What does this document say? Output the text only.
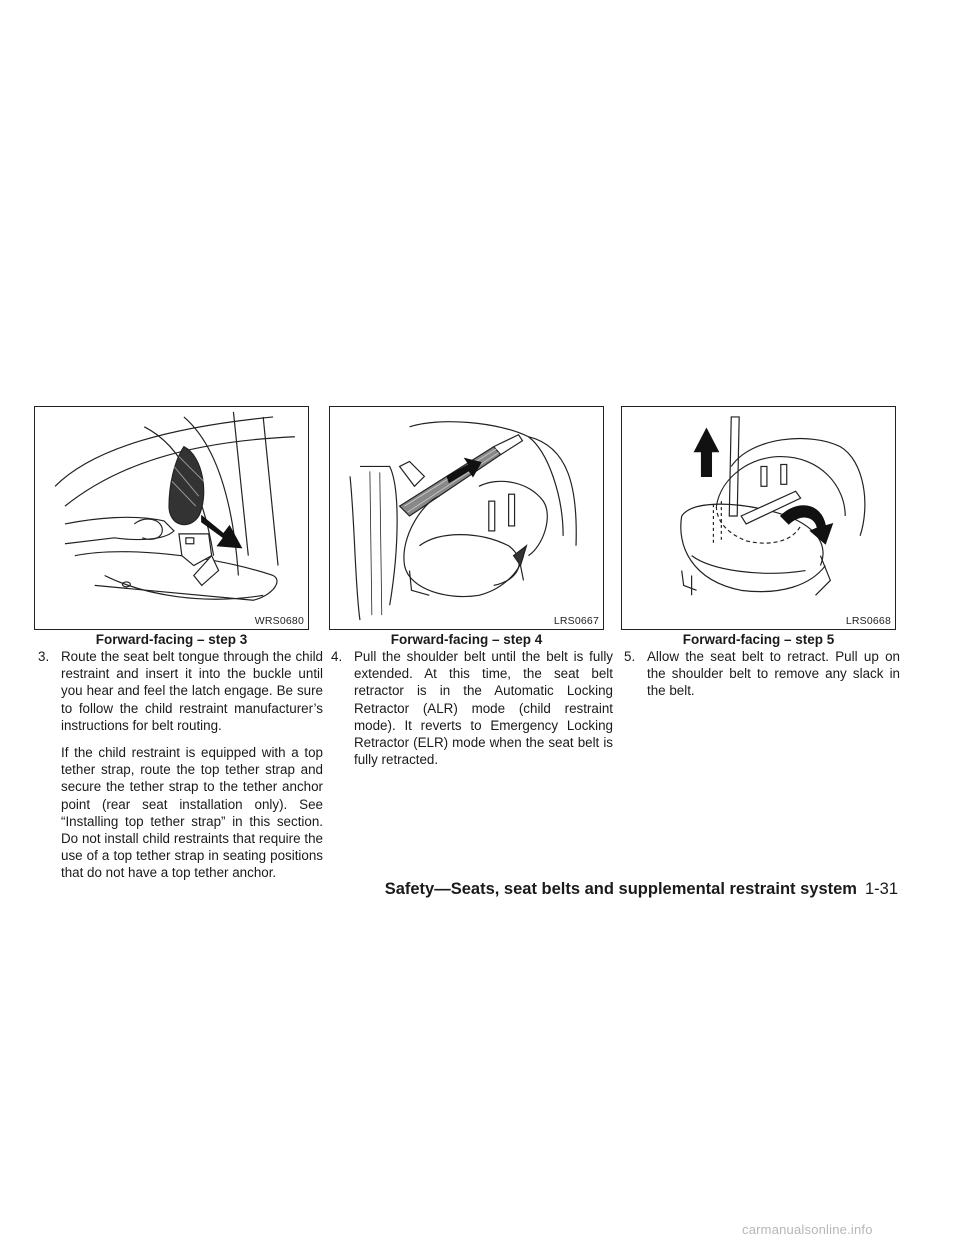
WRS0680	LRS0667	LRS0668
Forward-facing – step 3	Forward-facing – step 4	Forward-facing – step 5
3. Route the seat belt tongue through the child restraint and insert it into the buckle until you hear and feel the latch engage. Be sure to follow the child restraint manufacturer’s instructions for belt routing.

If the child restraint is equipped with a top tether strap, route the top tether strap and secure the tether strap to the tether anchor point (rear seat installation only). See “Installing top tether strap” in this section. Do not install child restraints that require the use of a top tether strap in seating positions that do not have a top tether anchor.

4. Pull the shoulder belt until the belt is fully extended. At this time, the seat belt retractor is in the Automatic Locking Retractor (ALR) mode (child restraint mode). It reverts to Emergency Locking Retractor (ELR) mode when the seat belt is fully retracted.
5. Allow the seat belt to retract. Pull up on the shoulder belt to remove any slack in the belt.
Safety—Seats, seat belts and supplemental restraint system 1-31
carmanualsonline.info
